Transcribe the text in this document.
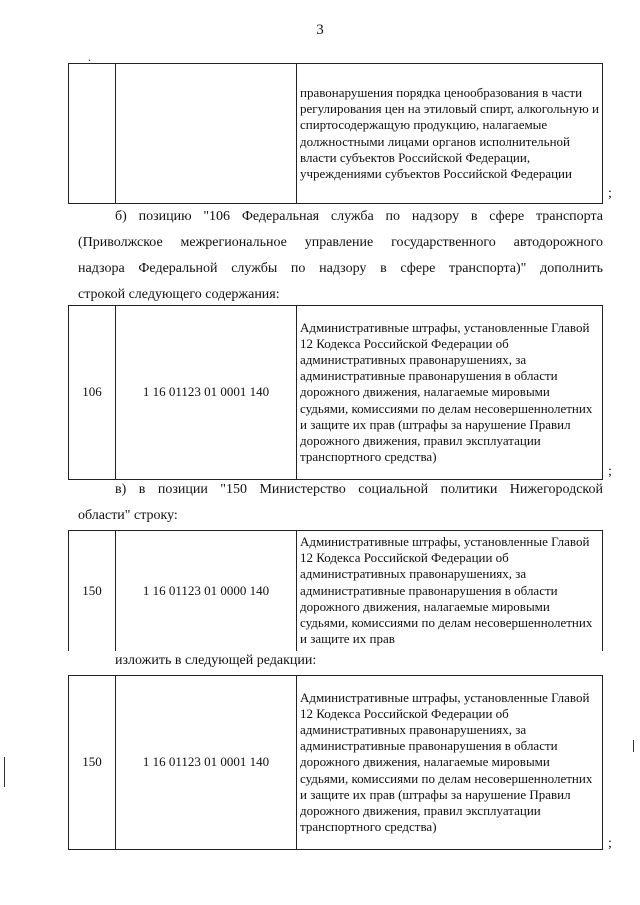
3
.
		правонарушения порядка ценообразования в части регулирования цен на этиловый спирт, алкогольную и спиртосодержащую продукцию, налагаемые должностными лицами органов исполнительной власти субъектов Российской Федерации, учреждениями субъектов Российской Федерации
;
б) позицию "106 Федеральная служба по надзору в сфере транспорта
(Приволжское межрегиональное управление государственного автодорожного
надзора Федеральной службы по надзору в сфере транспорта)" дополнить
строкой следующего содержания:
106	1 16 01123 01 0001 140	Административные штрафы, установленные Главой 12 Кодекса Российской Федерации об административных правонарушениях, за административные правонарушения в области дорожного движения, налагаемые мировыми судьями, комиссиями по делам несовершеннолетних и защите их прав (штрафы за нарушение Правил дорожного движения, правил эксплуатации транспортного средства)
;
в) в позиции "150 Министерство социальной политики Нижегородской
области" строку:
150	1 16 01123 01 0000 140	Административные штрафы, установленные Главой 12 Кодекса Российской Федерации об административных правонарушениях, за административные правонарушения в области дорожного движения, налагаемые мировыми судьями, комиссиями по делам несовершеннолетних и защите их прав
изложить в следующей редакции:
150	1 16 01123 01 0001 140	Административные штрафы, установленные Главой 12 Кодекса Российской Федерации об административных правонарушениях, за административные правонарушения в области дорожного движения, налагаемые мировыми судьями, комиссиями по делам несовершеннолетних и защите их прав (штрафы за нарушение Правил дорожного движения, правил эксплуатации транспортного средства)
;
